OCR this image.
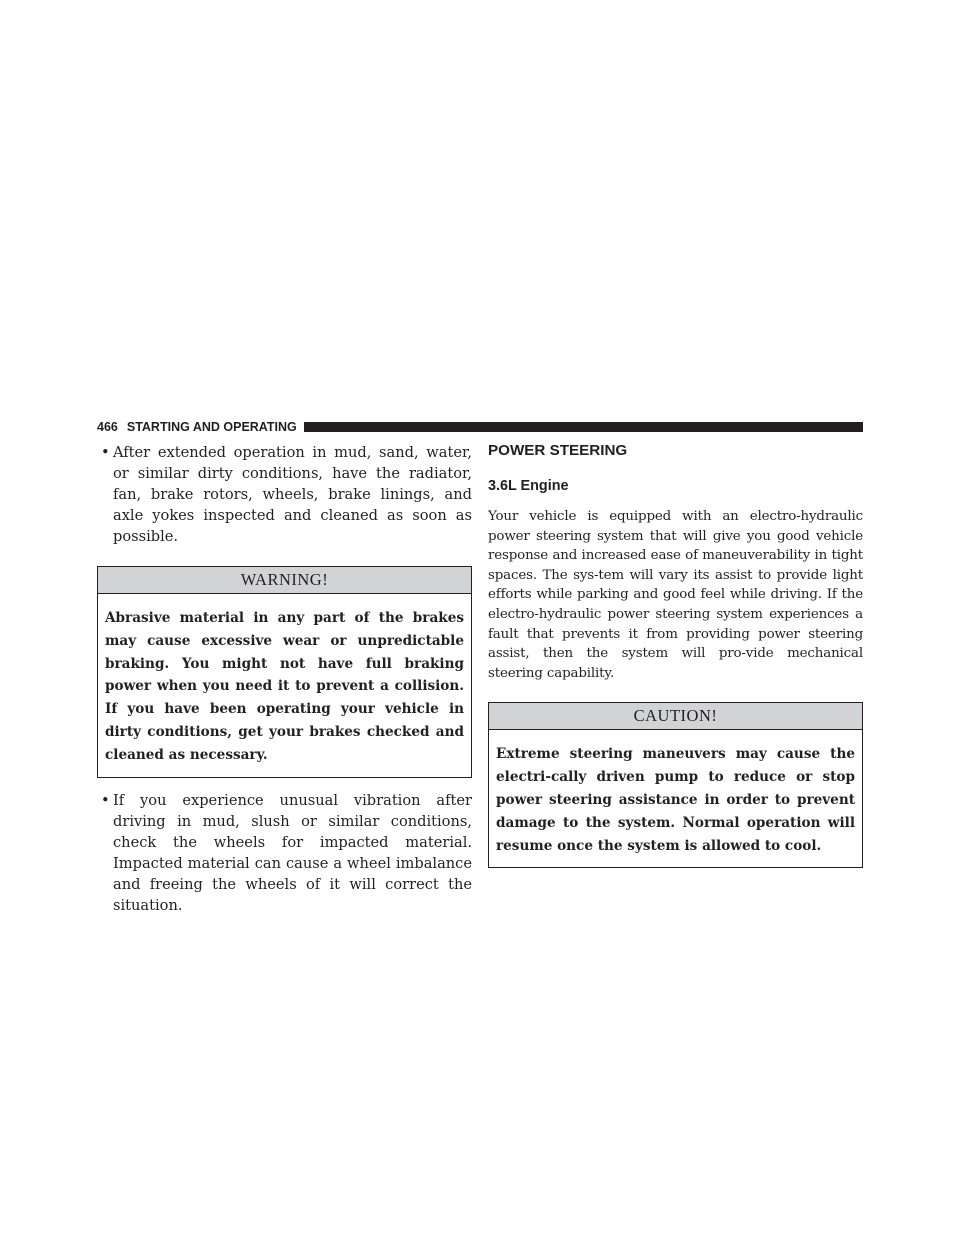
466 STARTING AND OPERATING
• After extended operation in mud, sand, water, or similar dirty conditions, have the radiator, fan, brake rotors, wheels, brake linings, and axle yokes inspected and cleaned as soon as possible.
WARNING!
Abrasive material in any part of the brakes may cause excessive wear or unpredictable braking. You might not have full braking power when you need it to prevent a collision. If you have been operating your vehicle in dirty conditions, get your brakes checked and cleaned as necessary.
• If you experience unusual vibration after driving in mud, slush or similar conditions, check the wheels for impacted material. Impacted material can cause a wheel imbalance and freeing the wheels of it will correct the situation.
POWER STEERING
3.6L Engine

Your vehicle is equipped with an electro-hydraulic power steering system that will give you good vehicle response and increased ease of maneuverability in tight spaces. The sys-tem will vary its assist to provide light efforts while parking and good feel while driving. If the electro-hydraulic power steering system experiences a fault that prevents it from providing power steering assist, then the system will pro-vide mechanical steering capability.

CAUTION!
Extreme steering maneuvers may cause the electri-cally driven pump to reduce or stop power steering assistance in order to prevent damage to the system. Normal operation will resume once the system is allowed to cool.
